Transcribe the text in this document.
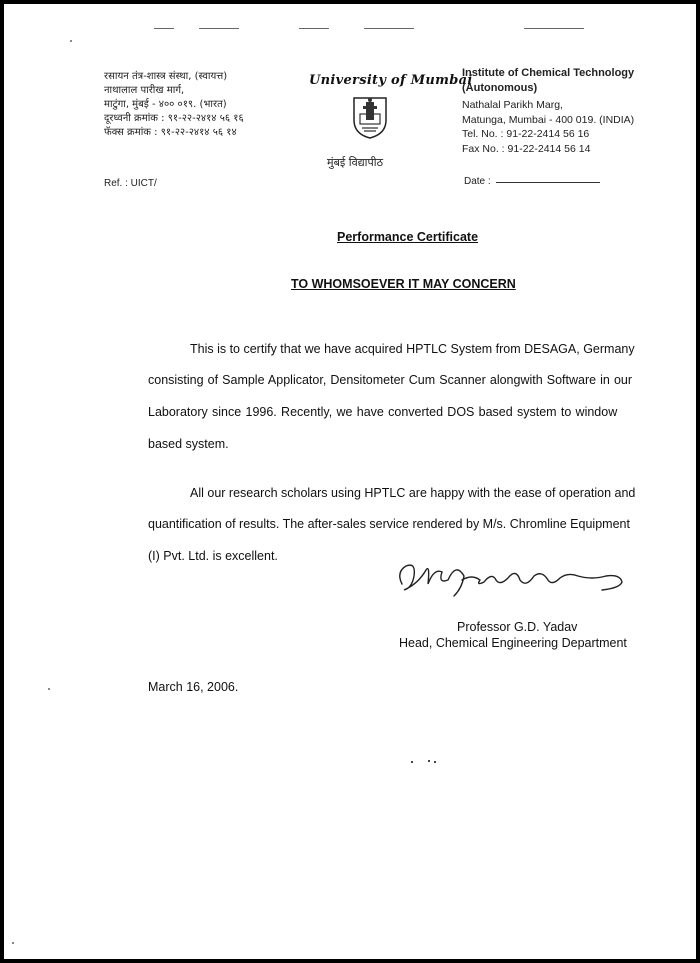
रसायन तंत्र-शास्त्र संस्था, (स्वायत्त)
नाथालाल पारीख मार्ग,
माटुंगा, मुंबई - ४०० ०१९. (भारत)
दूरध्वनी क्रमांक : ९१-२२-२४१४ ५६ १६
फॅक्स क्रमांक : ९१-२२-२४१४ ५६ १४
Ref. : UICT/
University of Mumbai
मुंबई विद्यापीठ
Institute of Chemical Technology
(Autonomous)
Nathalal Parikh Marg,
Matunga, Mumbai - 400 019. (INDIA)
Tel. No. : 91-22-2414 56 16
Fax No. : 91-22-2414 56 14
Date :
Performance Certificate
TO WHOMSOEVER IT MAY CONCERN
This is to certify that we have acquired HPTLC System from DESAGA, Germany
consisting of Sample Applicator, Densitometer Cum Scanner alongwith Software in our
Laboratory since 1996. Recently, we have converted DOS based system to window
based system.
All our research scholars using HPTLC are happy with the ease of operation and
quantification of results. The after-sales service rendered by M/s. Chromline Equipment
(I) Pvt. Ltd. is excellent.
Professor G.D. Yadav
Head, Chemical Engineering Department
March 16, 2006.
